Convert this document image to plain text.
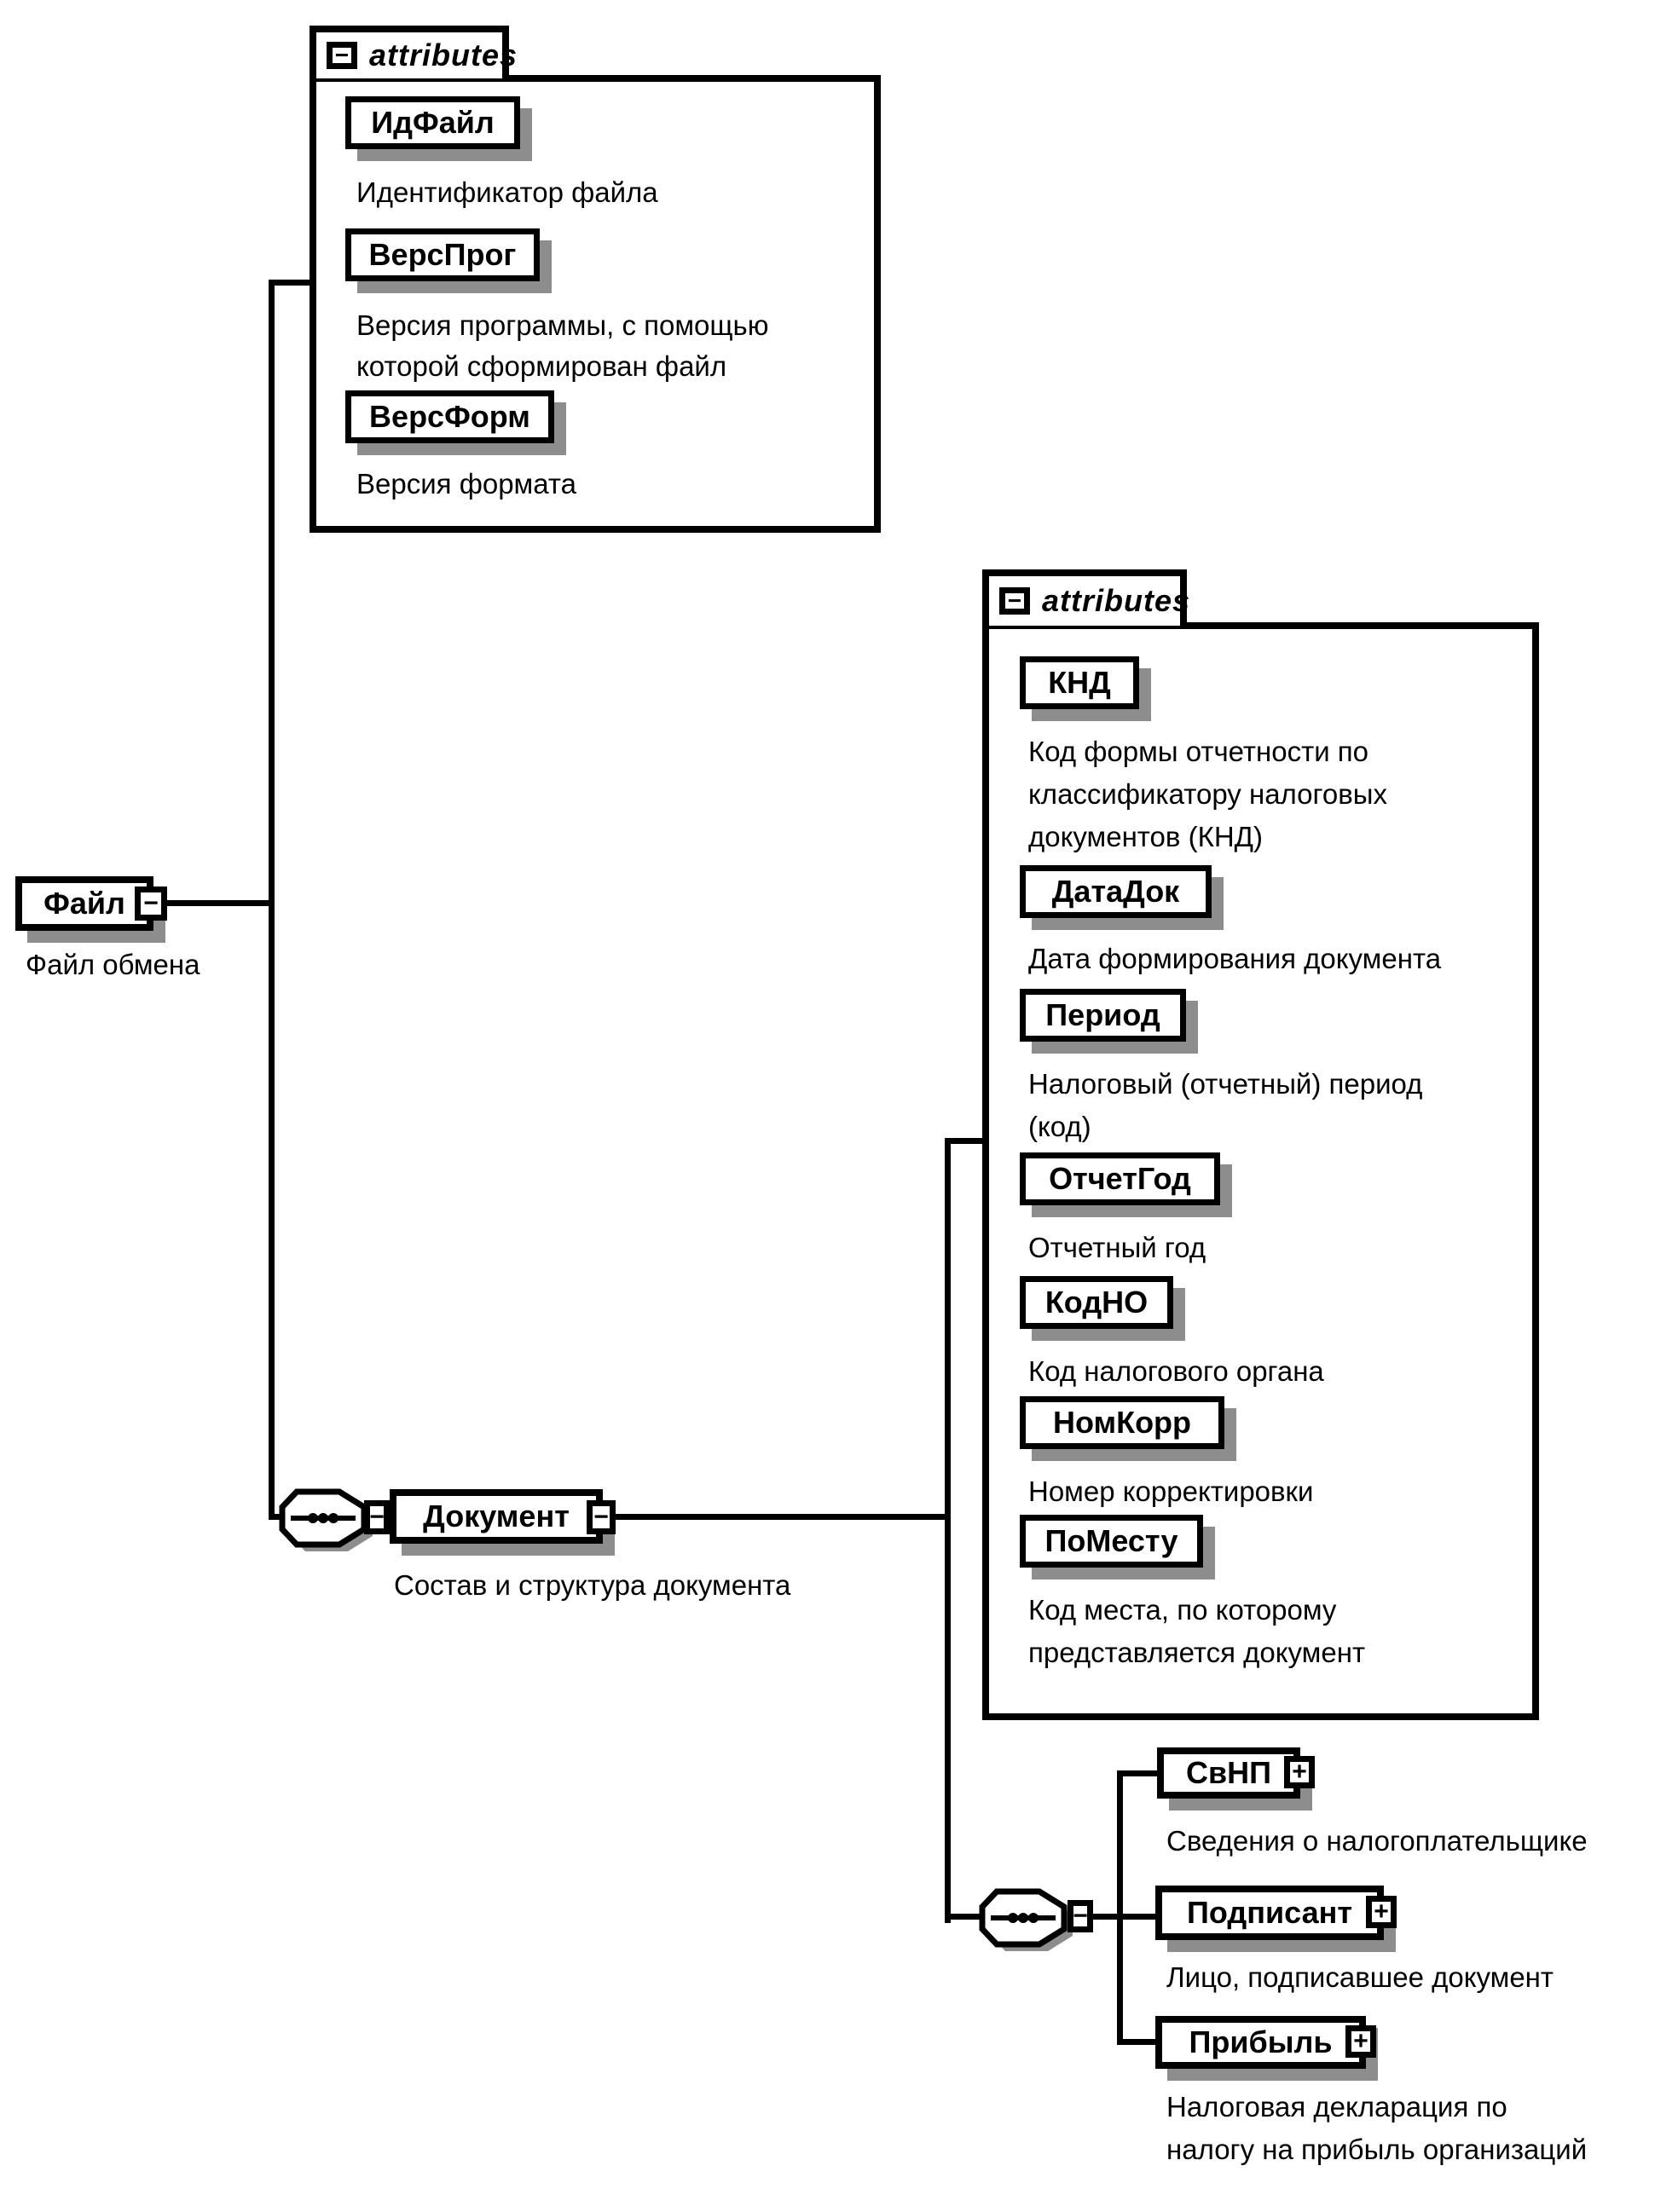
Файл −
Файл обмена
− attributes
ИдФайл
Идентификатор файла
ВерсПрог
Версия программы, с помощью
которой сформирован файл
ВерсФорм
Версия формата
− Документ −
Состав и структура документа
− attributes
КНД
Код формы отчетности по
классификатору налоговых
документов (КНД)
ДатаДок
Дата формирования документа
Период
Налоговый (отчетный) период
(код)
ОтчетГод
Отчетный год
КодНО
Код налогового органа
НомКорр
Номер корректировки
ПоМесту
Код места, по которому
представляется документ
−
СвНП +
Сведения о налогоплательщике
Подписант +
Лицо, подписавшее документ
Прибыль +
Налоговая декларация по
налогу на прибыль организаций
